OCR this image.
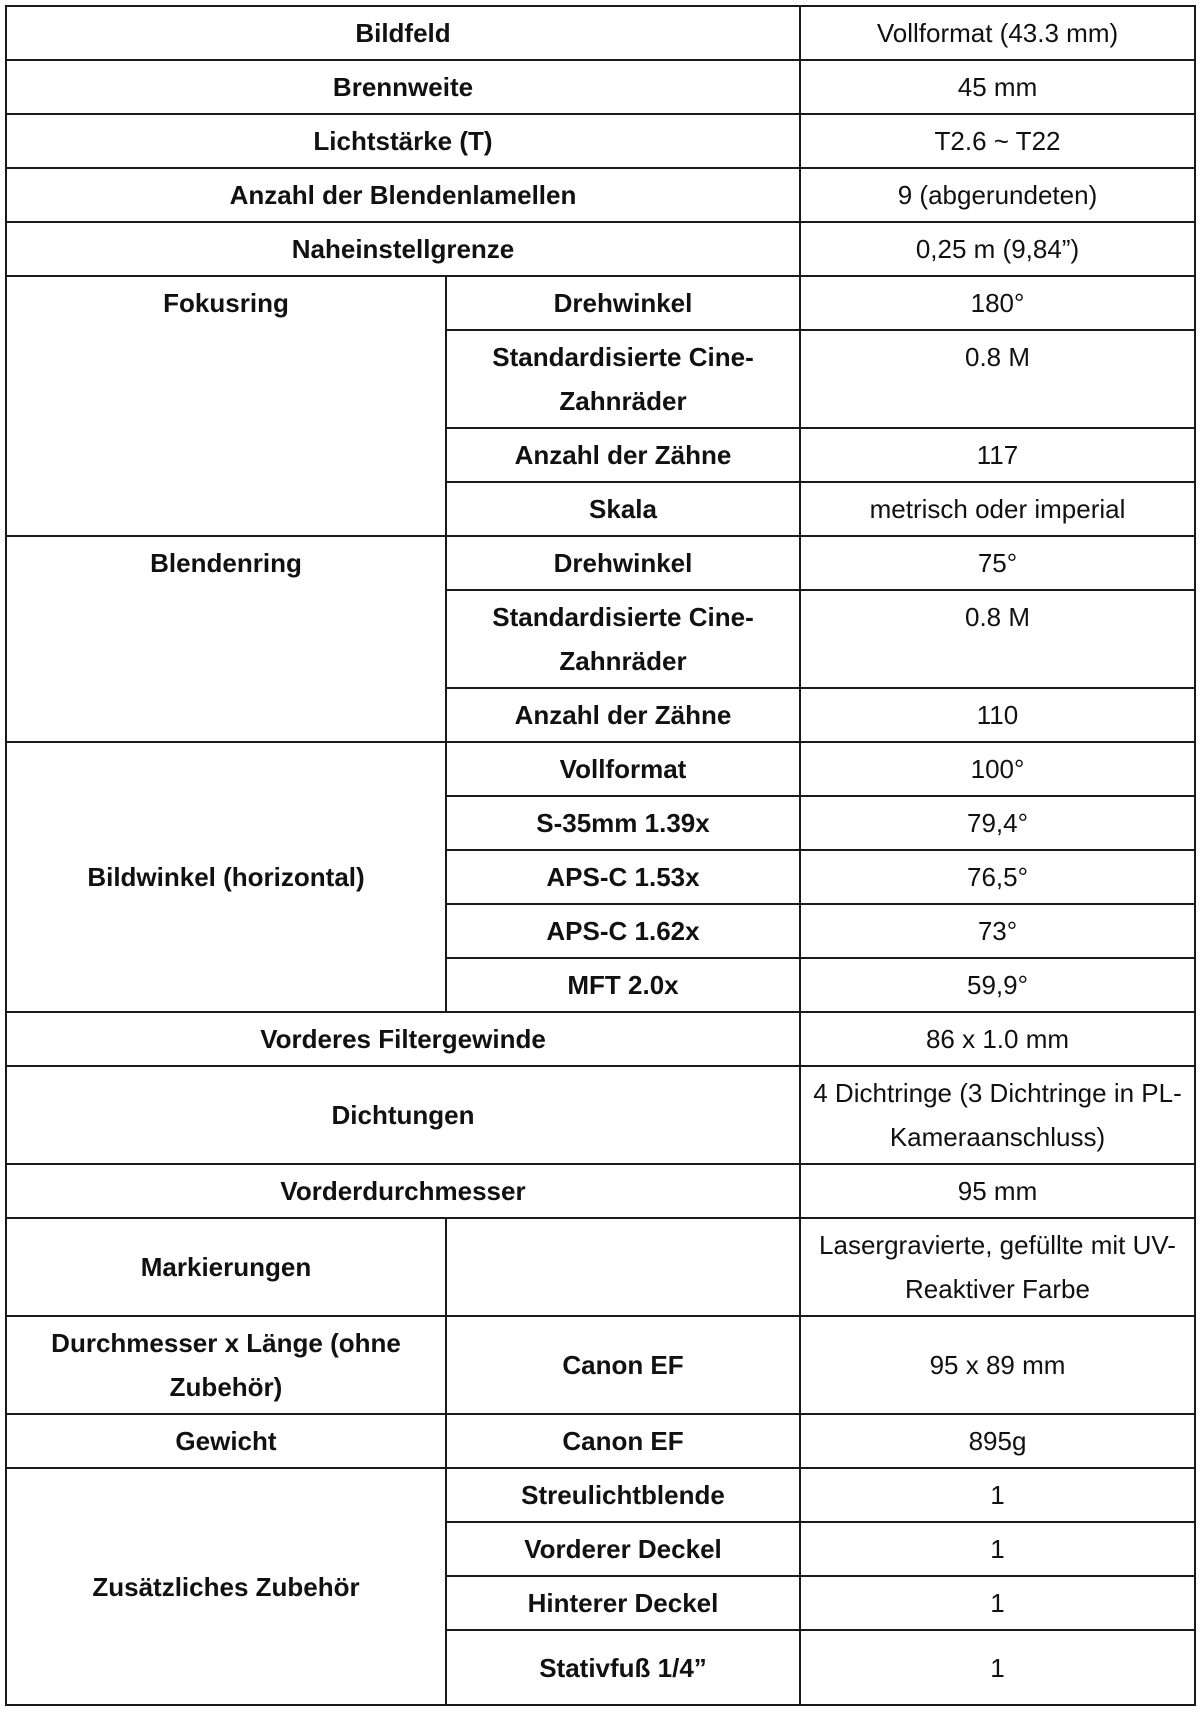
Bildfeld		Vollformat (43.3 mm)
Brennweite		45 mm
Lichtstärke (T)		T2.6 ~ T22
Anzahl der Blendenlamellen		9 (abgerundeten)
Naheinstellgrenze		0,25 m (9,84”)
Fokusring	Drehwinkel	180°
	Standardisierte Cine-Zahnräder	0.8 M
	Anzahl der Zähne	117
	Skala	metrisch oder imperial
Blendenring	Drehwinkel	75°
	Standardisierte Cine-Zahnräder	0.8 M
	Anzahl der Zähne	110
Bildwinkel (horizontal)	Vollformat	100°
	S-35mm 1.39x	79,4°
	APS-C 1.53x	76,5°
	APS-C 1.62x	73°
	MFT 2.0x	59,9°
Vorderes Filtergewinde		86 x 1.0 mm
Dichtungen		4 Dichtringe (3 Dichtringe in PL-Kameraanschluss)
Vorderdurchmesser		95 mm
Markierungen		Lasergravierte, gefüllte mit UV-Reaktiver Farbe
Durchmesser x Länge (ohne Zubehör)	Canon EF	95 x 89 mm
Gewicht	Canon EF	895g
Zusätzliches Zubehör	Streulichtblende	1
	Vorderer Deckel	1
	Hinterer Deckel	1
	Stativfuß 1/4”	1
